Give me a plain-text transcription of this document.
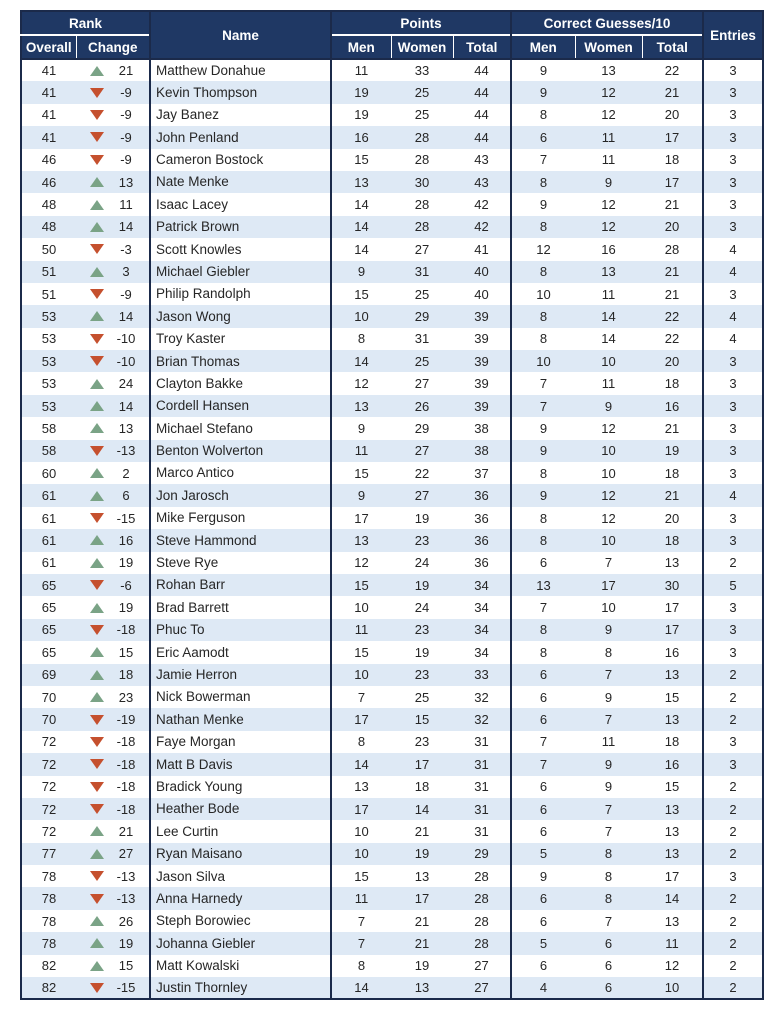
Rank		Name	Points			Correct Guesses/10			Entries
Overall	Change		Men	Women	Total	Men	Women	Total	
41	21	Matthew Donahue	11	33	44	9	13	22	3
41	-9	Kevin Thompson	19	25	44	9	12	21	3
41	-9	Jay Banez	19	25	44	8	12	20	3
41	-9	John Penland	16	28	44	6	11	17	3
46	-9	Cameron Bostock	15	28	43	7	11	18	3
46	13	Nate Menke	13	30	43	8	9	17	3
48	11	Isaac Lacey	14	28	42	9	12	21	3
48	14	Patrick Brown	14	28	42	8	12	20	3
50	-3	Scott Knowles	14	27	41	12	16	28	4
51	3	Michael Giebler	9	31	40	8	13	21	4
51	-9	Philip Randolph	15	25	40	10	11	21	3
53	14	Jason Wong	10	29	39	8	14	22	4
53	-10	Troy Kaster	8	31	39	8	14	22	4
53	-10	Brian Thomas	14	25	39	10	10	20	3
53	24	Clayton Bakke	12	27	39	7	11	18	3
53	14	Cordell Hansen	13	26	39	7	9	16	3
58	13	Michael Stefano	9	29	38	9	12	21	3
58	-13	Benton Wolverton	11	27	38	9	10	19	3
60	2	Marco Antico	15	22	37	8	10	18	3
61	6	Jon Jarosch	9	27	36	9	12	21	4
61	-15	Mike Ferguson	17	19	36	8	12	20	3
61	16	Steve Hammond	13	23	36	8	10	18	3
61	19	Steve Rye	12	24	36	6	7	13	2
65	-6	Rohan Barr	15	19	34	13	17	30	5
65	19	Brad Barrett	10	24	34	7	10	17	3
65	-18	Phuc To	11	23	34	8	9	17	3
65	15	Eric Aamodt	15	19	34	8	8	16	3
69	18	Jamie Herron	10	23	33	6	7	13	2
70	23	Nick Bowerman	7	25	32	6	9	15	2
70	-19	Nathan Menke	17	15	32	6	7	13	2
72	-18	Faye Morgan	8	23	31	7	11	18	3
72	-18	Matt B Davis	14	17	31	7	9	16	3
72	-18	Bradick Young	13	18	31	6	9	15	2
72	-18	Heather Bode	17	14	31	6	7	13	2
72	21	Lee Curtin	10	21	31	6	7	13	2
77	27	Ryan Maisano	10	19	29	5	8	13	2
78	-13	Jason Silva	15	13	28	9	8	17	3
78	-13	Anna Harnedy	11	17	28	6	8	14	2
78	26	Steph Borowiec	7	21	28	6	7	13	2
78	19	Johanna Giebler	7	21	28	5	6	11	2
82	15	Matt Kowalski	8	19	27	6	6	12	2
82	-15	Justin Thornley	14	13	27	4	6	10	2
